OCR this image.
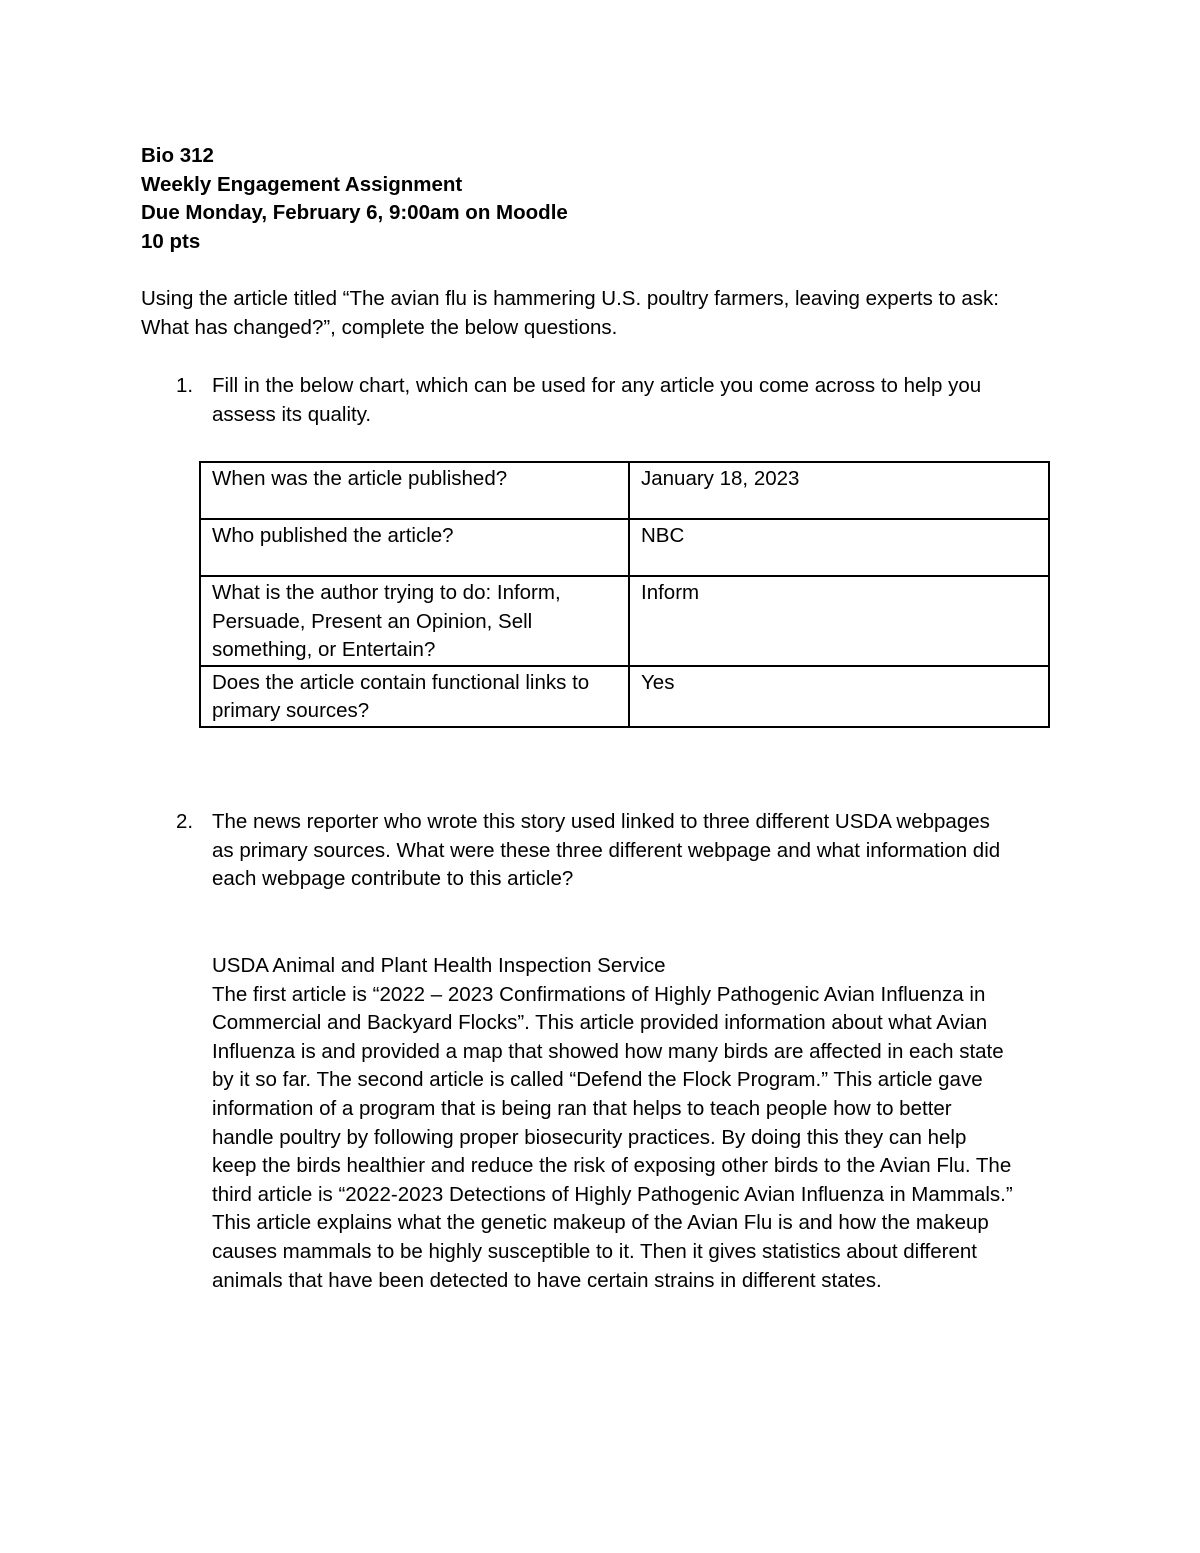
Bio 312
Weekly Engagement Assignment
Due Monday, February 6, 9:00am on Moodle
10 pts
Using the article titled “The avian flu is hammering U.S. poultry farmers, leaving experts to ask:
What has changed?”, complete the below questions.
1. Fill in the below chart, which can be used for any article you come across to help you
assess its quality.
When was the article published?	January 18, 2023

Who published the article?	NBC

What is the author trying to do: Inform,
Persuade, Present an Opinion, Sell
something, or Entertain?	Inform

Does the article contain functional links to
primary sources?	Yes
2. The news reporter who wrote this story used linked to three different USDA webpages
as primary sources. What were these three different webpage and what information did
each webpage contribute to this article?
USDA Animal and Plant Health Inspection Service
The first article is “2022 – 2023 Confirmations of Highly Pathogenic Avian Influenza in
Commercial and Backyard Flocks”. This article provided information about what Avian
Influenza is and provided a map that showed how many birds are affected in each state
by it so far. The second article is called “Defend the Flock Program.” This article gave
information of a program that is being ran that helps to teach people how to better
handle poultry by following proper biosecurity practices. By doing this they can help
keep the birds healthier and reduce the risk of exposing other birds to the Avian Flu. The
third article is “2022-2023 Detections of Highly Pathogenic Avian Influenza in Mammals.”
This article explains what the genetic makeup of the Avian Flu is and how the makeup
causes mammals to be highly susceptible to it. Then it gives statistics about different
animals that have been detected to have certain strains in different states.
